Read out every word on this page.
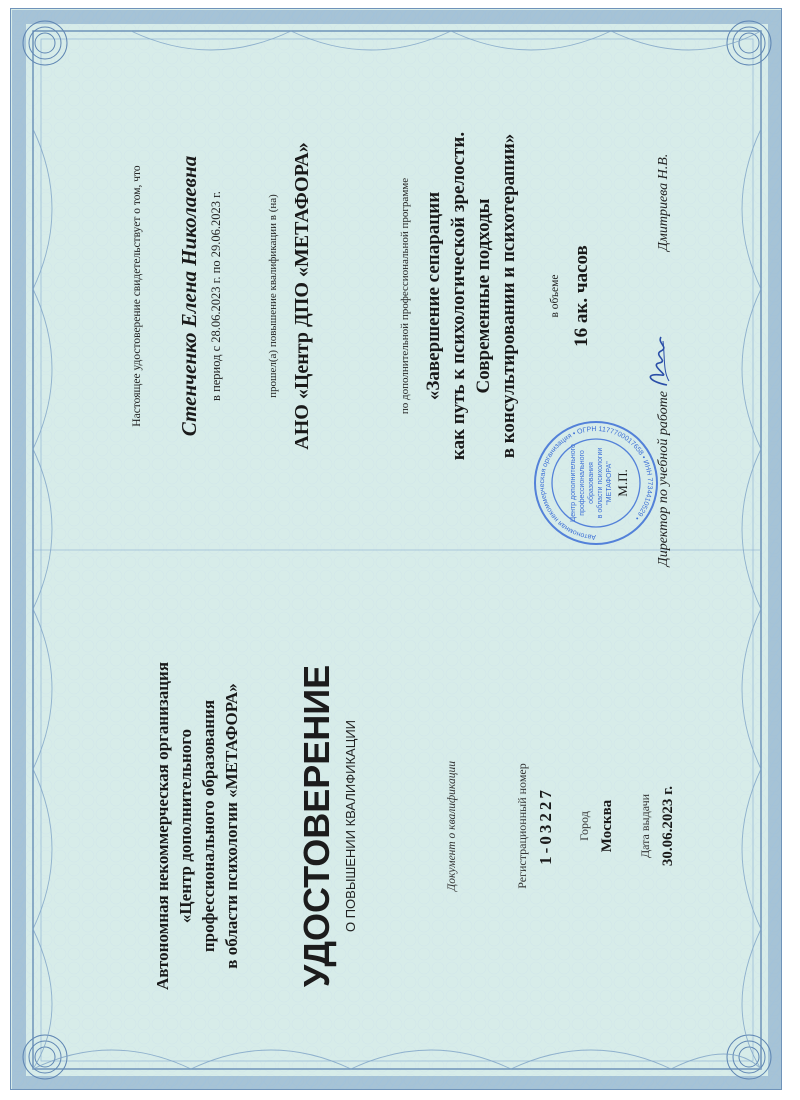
Автономная некоммерческая организация «Центр дополнительного профессионального образования в области психологии «МЕТАФОРА» УДОСТОВЕРЕНИЕ О ПОВЫШЕНИИ КВАЛИФИКАЦИИ	Документ о квалификации	Регистрационный номер 1-03227 Город Москва Дата выдачи 30.06.2023 г.
Настоящее удостоверение свидетельствует о том, что Стенченко Елена Николаевна в период с 28.06.2023 г. по 29.06.2023 г.	прошел(а) повышение квалификации в (на) АНО «Центр ДПО «МЕТАФОРА»	по дополнительной профессиональной программе «Завершение сепарации как путь к психологической зрелости. Современные подходы в консультировании и психотерапии»	в объеме 16 ак. часов
Автономная некоммерческая организация • ОГРН 1177700017658 • ИНН 7734410529 •
Центр дополнительного профессионального образования в области психологии "МЕТАФОРА" М.П. Директор по учебной работе
Дмитриева Н.В.
